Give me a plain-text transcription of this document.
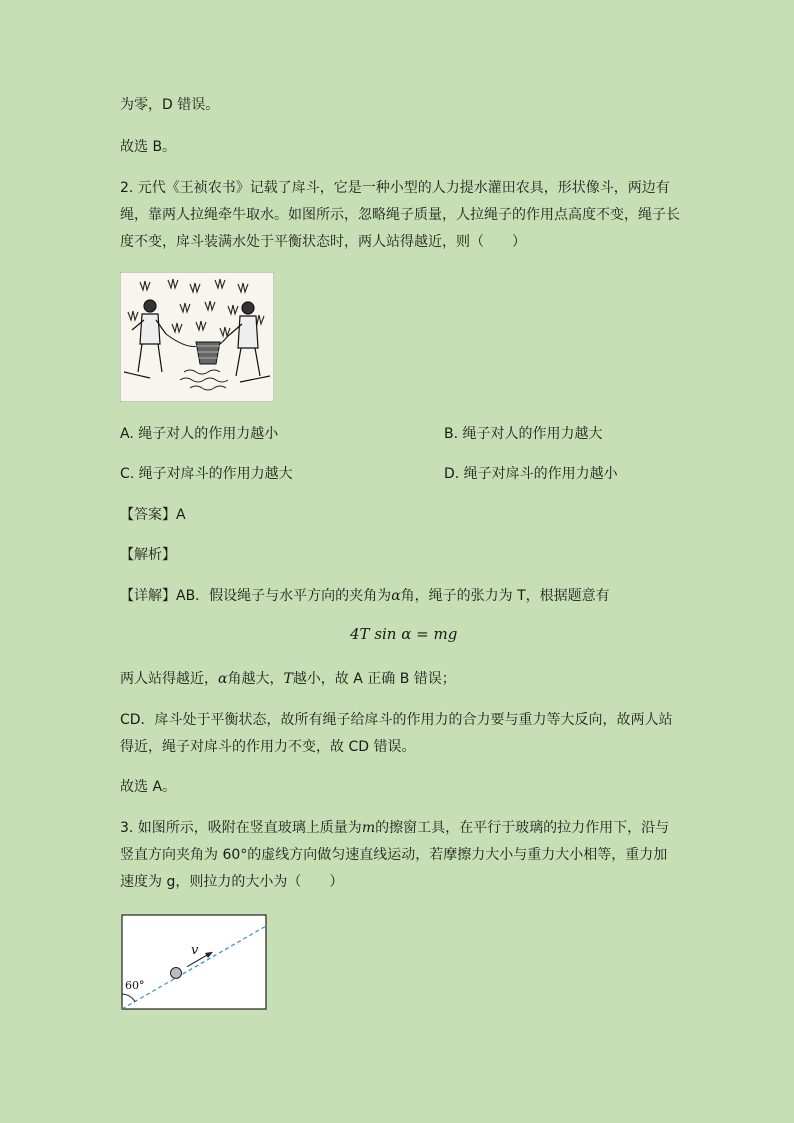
为零，D 错误。
故选 B。
2. 元代《王祯农书》记载了戽斗，它是一种小型的人力提水灌田农具，形状像斗，两边有
绳，靠两人拉绳牵牛取水。如图所示，忽略绳子质量，人拉绳子的作用点高度不变，绳子长
度不变，戽斗装满水处于平衡状态时，两人站得越近，则（　　）
A. 绳子对人的作用力越小	B. 绳子对人的作用力越大
C. 绳子对戽斗的作用力越大	D. 绳子对戽斗的作用力越小
【答案】A
【解析】
【详解】AB．假设绳子与水平方向的夹角为α角，绳子的张力为 T，根据题意有
4T sin α = mg
两人站得越近，α角越大，T越小，故 A 正确 B 错误；
CD．戽斗处于平衡状态，故所有绳子给戽斗的作用力的合力要与重力等大反向，故两人站
得近，绳子对戽斗的作用力不变，故 CD 错误。
故选 A。
3. 如图所示，吸附在竖直玻璃上质量为m的擦窗工具，在平行于玻璃的拉力作用下，沿与
竖直方向夹角为 60°的虚线方向做匀速直线运动，若摩擦力大小与重力大小相等，重力加
速度为 g，则拉力的大小为（　　）
v
60°
